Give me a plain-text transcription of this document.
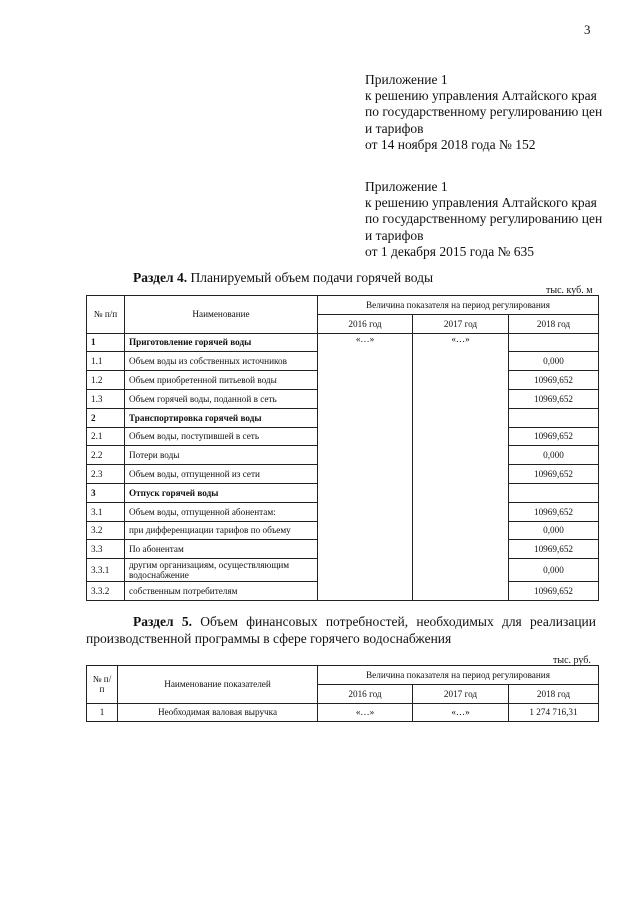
3
Приложение 1
к решению управления Алтайского края
по государственному регулированию цен
и тарифов
от 14 ноября 2018 года № 152
Приложение 1
к решению управления Алтайского края
по государственному регулированию цен
и тарифов
от 1 декабря 2015 года № 635
Раздел 4. Планируемый объем подачи горячей воды
тыс. куб. м
№ п/п	Наименование	Величина показателя на период регулирования		
		2016 год	2017 год	2018 год
1	Приготовление горячей воды	«…»	«…»	
1.1	Объем воды из собственных источников			0,000
1.2	Объем приобретенной питьевой воды			10969,652
1.3	Объем горячей воды, поданной в сеть			10969,652
2	Транспортировка горячей воды			
2.1	Объем воды, поступившей в сеть			10969,652
2.2	Потери воды			0,000
2.3	Объем воды, отпущенной из сети			10969,652
3	Отпуск горячей воды			
3.1	Объем воды, отпущенной абонентам:			10969,652
3.2	при дифференциации тарифов по объему			0,000
3.3	По абонентам			10969,652
3.3.1	другим организациям, осуществляющим водоснабжение			0,000
3.3.2	собственным потребителям			10969,652
Раздел 5. Объем финансовых потребностей, необходимых для реализации производственной программы в сфере горячего водоснабжения
тыс. руб.
№ п/п	Наименование показателей	Величина показателя на период регулирования		
		2016 год	2017 год	2018 год
1	Необходимая валовая выручка	«…»	«…»	1 274 716,31
